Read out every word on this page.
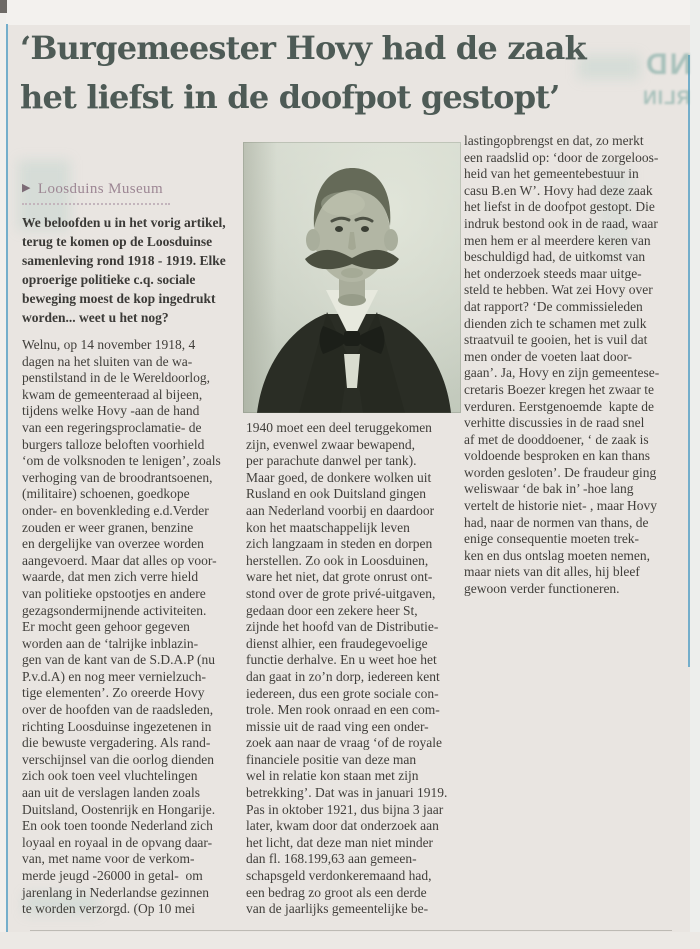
ND
RLIN
‘Burgemeester Hovy had de zaak
het liefst in de doofpot gestopt’
▶ Loosduins Museum
We beloofden u in het vorig artikel,
terug te komen op de Loosduinse
samenleving rond 1918 - 1919. Elke
oproerige politieke c.q. sociale
beweging moest de kop ingedrukt
worden... weet u het nog?
Welnu, op 14 november 1918, 4
dagen na het sluiten van de wa-
penstilstand in de le Wereldoorlog,
kwam de gemeenteraad al bijeen,
tijdens welke Hovy -aan de hand
van een regeringsproclamatie- de
burgers talloze beloften voorhield
‘om de volksnoden te lenigen’, zoals
verhoging van de broodrantsoenen,
(militaire) schoenen, goedkope
onder- en bovenkleding e.d.Verder
zouden er weer granen, benzine
en dergelijke van overzee worden
aangevoerd. Maar dat alles op voor-
waarde, dat men zich verre hield
van politieke opstootjes en andere
gezagsondermijnende activiteiten.
Er mocht geen gehoor gegeven
worden aan de ‘talrijke inblazin-
gen van de kant van de S.D.A.P (nu
P.v.d.A) en nog meer vernielzuch-
tige elementen’. Zo oreerde Hovy
over de hoofden van de raadsleden,
richting Loosduinse ingezetenen in
die bewuste vergadering. Als rand-
verschijnsel van die oorlog dienden
zich ook toen veel vluchtelingen
aan uit de verslagen landen zoals
Duitsland, Oostenrijk en Hongarije.
En ook toen toonde Nederland zich
loyaal en royaal in de opvang daar-
van, met name voor de verkom-
merde jeugd -26000 in getal-  om
jarenlang in Nederlandse gezinnen
te worden verzorgd. (Op 10 mei
1940 moet een deel teruggekomen
zijn, evenwel zwaar bewapend,
per parachute danwel per tank).
Maar goed, de donkere wolken uit
Rusland en ook Duitsland gingen
aan Nederland voorbij en daardoor
kon het maatschappelijk leven
zich langzaam in steden en dorpen
herstellen. Zo ook in Loosduinen,
ware het niet, dat grote onrust ont-
stond over de grote privé-uitgaven,
gedaan door een zekere heer St,
zijnde het hoofd van de Distributie-
dienst alhier, een fraudegevoelige
functie derhalve. En u weet hoe het
dan gaat in zo’n dorp, iedereen kent
iedereen, dus een grote sociale con-
trole. Men rook onraad en een com-
missie uit de raad ving een onder-
zoek aan naar de vraag ‘of de royale
financiele positie van deze man
wel in relatie kon staan met zijn
betrekking’. Dat was in januari 1919.
Pas in oktober 1921, dus bijna 3 jaar
later, kwam door dat onderzoek aan
het licht, dat deze man niet minder
dan fl. 168.199,63 aan gemeen-
schapsgeld verdonkeremaand had,
een bedrag zo groot als een derde
van de jaarlijks gemeentelijke be-
lastingopbrengst en dat, zo merkt
een raadslid op: ‘door de zorgeloos-
heid van het gemeentebestuur in
casu B.en W’. Hovy had deze zaak
het liefst in de doofpot gestopt. Die
indruk bestond ook in de raad, waar
men hem er al meerdere keren van
beschuldigd had, de uitkomst van
het onderzoek steeds maar uitge-
steld te hebben. Wat zei Hovy over
dat rapport? ‘De commissieleden
dienden zich te schamen met zulk
straatvuil te gooien, het is vuil dat
men onder de voeten laat door-
gaan’. Ja, Hovy en zijn gemeentese-
cretaris Boezer kregen het zwaar te
verduren. Eerstgenoemde  kapte de
verhitte discussies in de raad snel
af met de dooddoener, ‘ de zaak is
voldoende besproken en kan thans
worden gesloten’. De fraudeur ging
weliswaar ‘de bak in’ -hoe lang
vertelt de historie niet- , maar Hovy
had, naar de normen van thans, de
enige consequentie moeten trek-
ken en dus ontslag moeten nemen,
maar niets van dit alles, hij bleef
gewoon verder functioneren.
